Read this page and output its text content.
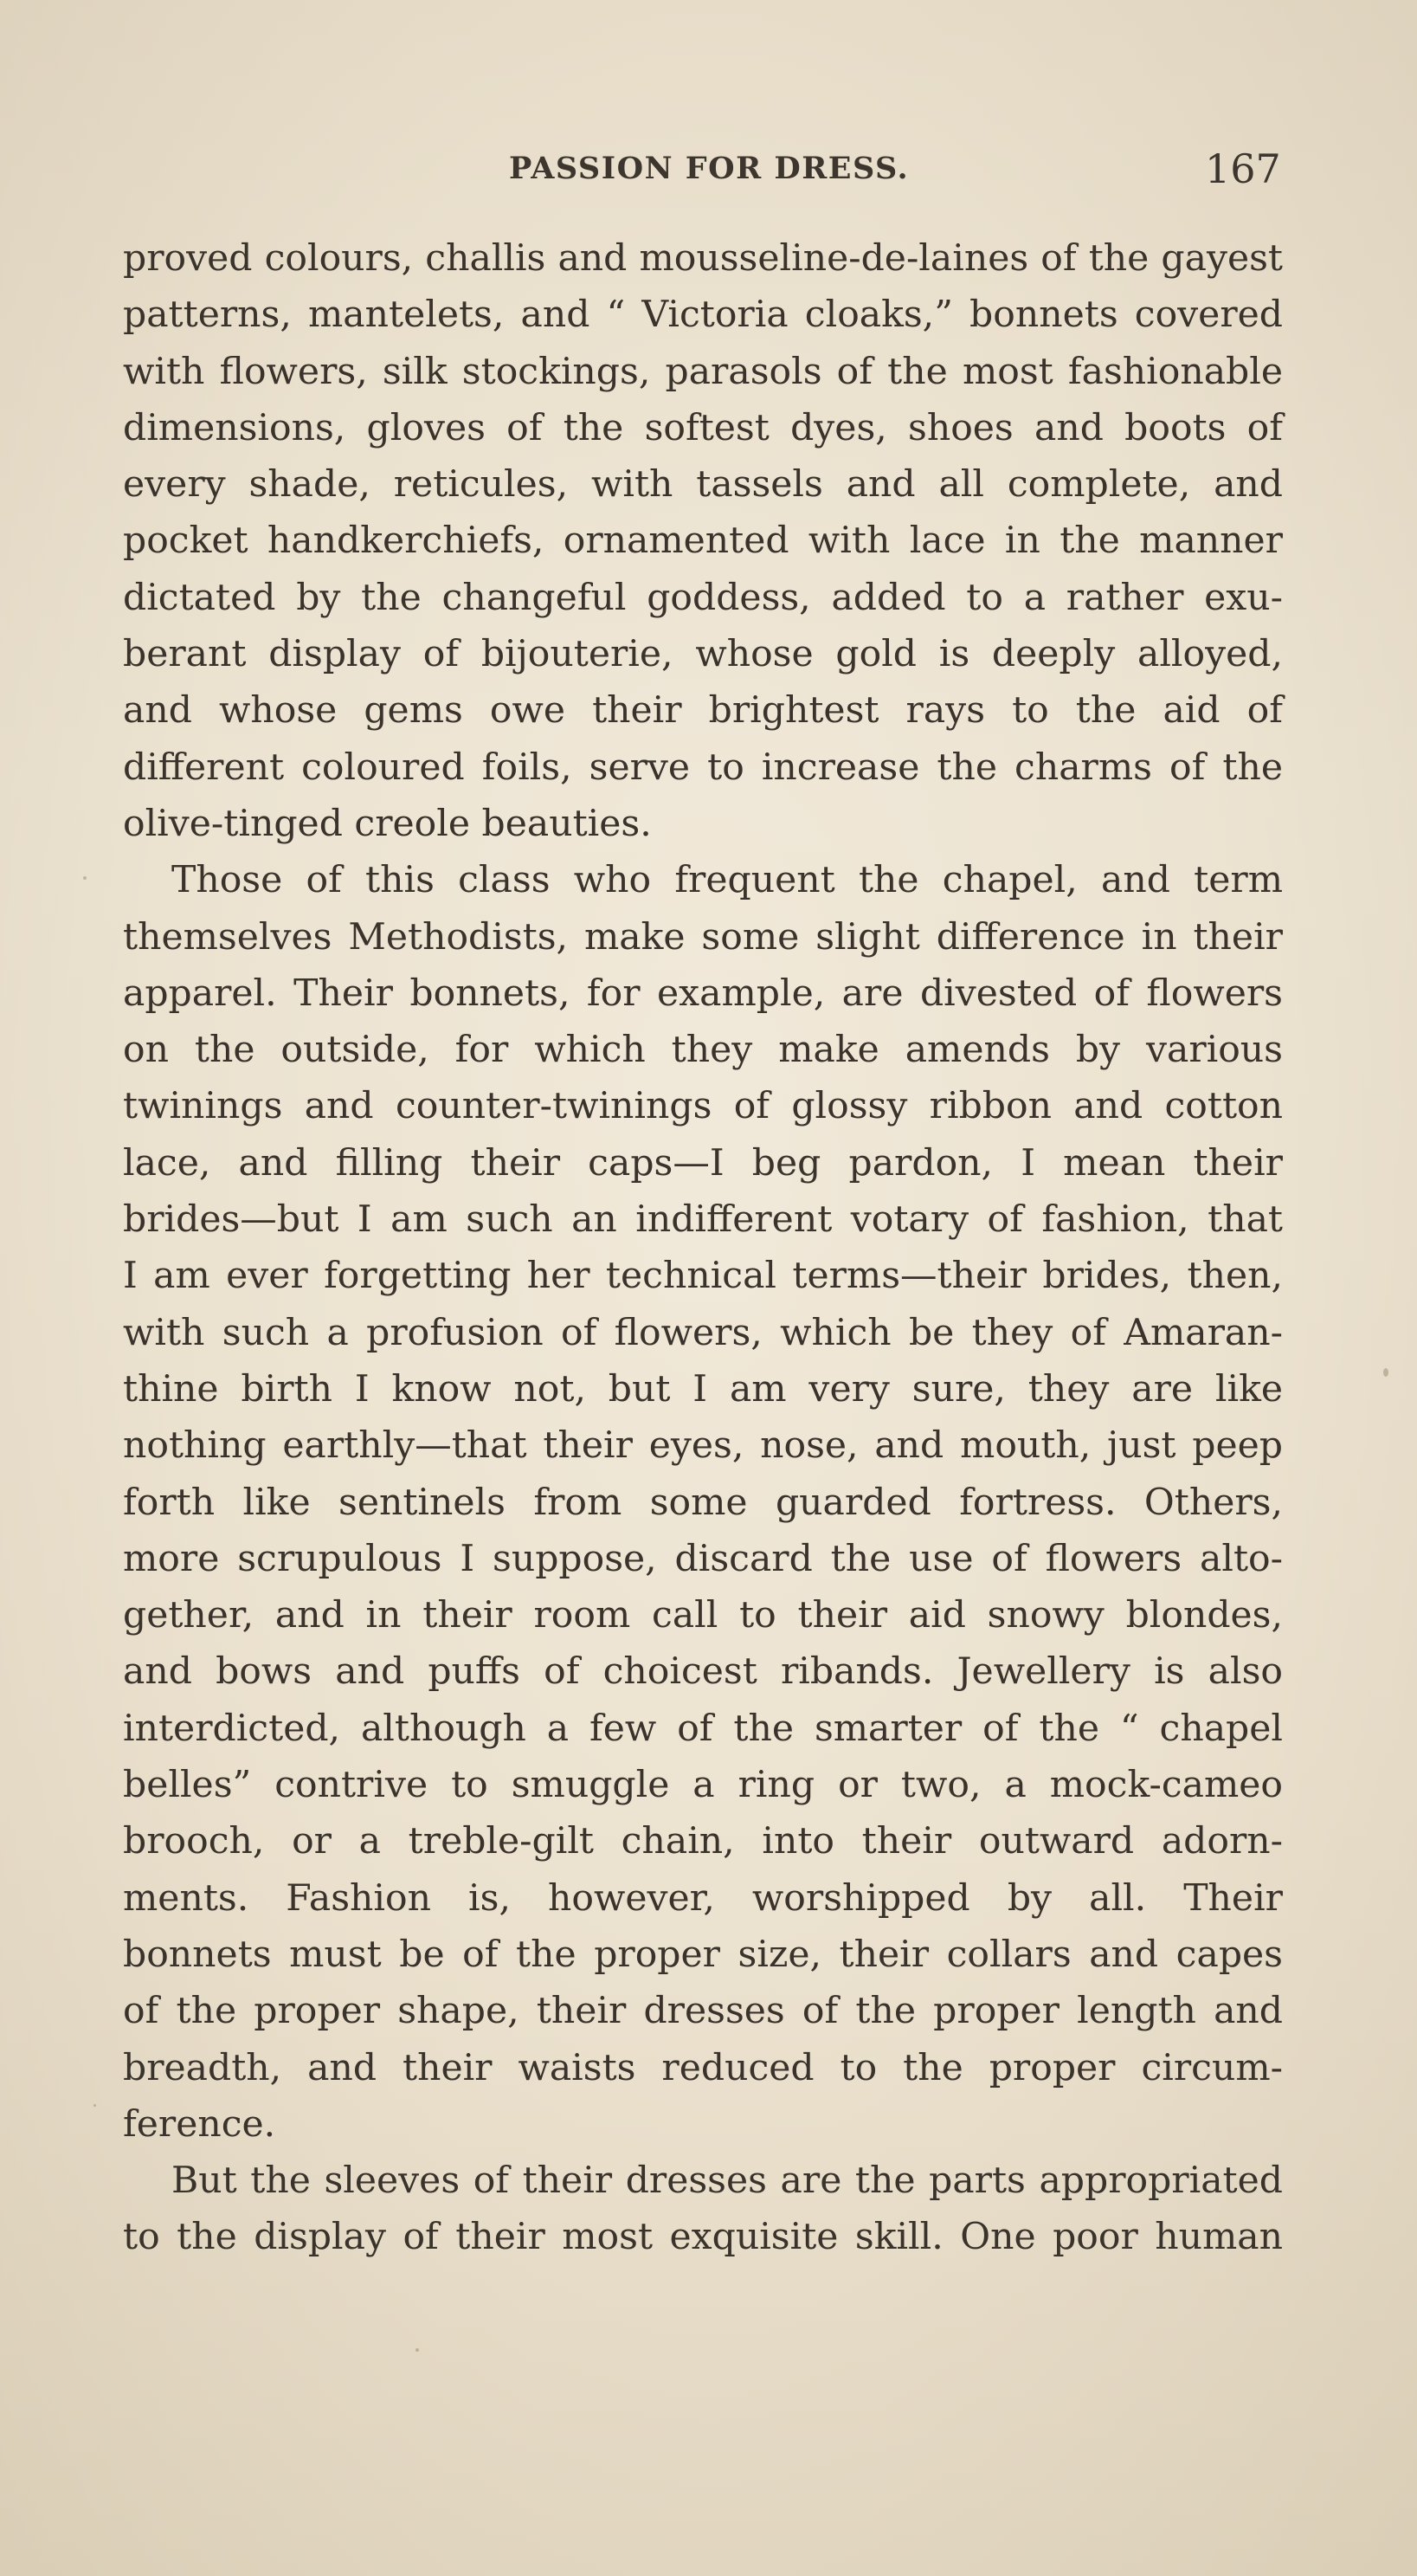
PASSION FOR DRESS.	167
proved colours, challis and mousseline-de-laines of the gayest
patterns, mantelets, and “ Victoria cloaks,” bonnets covered
with flowers, silk stockings, parasols of the most fashionable
dimensions, gloves of the softest dyes, shoes and boots of
every shade, reticules, with tassels and all complete, and
pocket handkerchiefs, ornamented with lace in the manner
dictated by the changeful goddess, added to a rather exu-
berant display of bijouterie, whose gold is deeply alloyed,
and whose gems owe their brightest rays to the aid of
different coloured foils, serve to increase the charms of the
olive-tinged creole beauties.
Those of this class who frequent the chapel, and term
themselves Methodists, make some slight difference in their
apparel. Their bonnets, for example, are divested of flowers
on the outside, for which they make amends by various
twinings and counter-twinings of glossy ribbon and cotton
lace, and filling their caps—I beg pardon, I mean their
brides—but I am such an indifferent votary of fashion, that
I am ever forgetting her technical terms—their brides, then,
with such a profusion of flowers, which be they of Amaran-
thine birth I know not, but I am very sure, they are like
nothing earthly—that their eyes, nose, and mouth, just peep
forth like sentinels from some guarded fortress. Others,
more scrupulous I suppose, discard the use of flowers alto-
gether, and in their room call to their aid snowy blondes,
and bows and puffs of choicest ribands. Jewellery is also
interdicted, although a few of the smarter of the “ chapel
belles” contrive to smuggle a ring or two, a mock-cameo
brooch, or a treble-gilt chain, into their outward adorn-
ments. Fashion is, however, worshipped by all. Their
bonnets must be of the proper size, their collars and capes
of the proper shape, their dresses of the proper length and
breadth, and their waists reduced to the proper circum-
ference.
But the sleeves of their dresses are the parts appropriated
to the display of their most exquisite skill. One poor human
